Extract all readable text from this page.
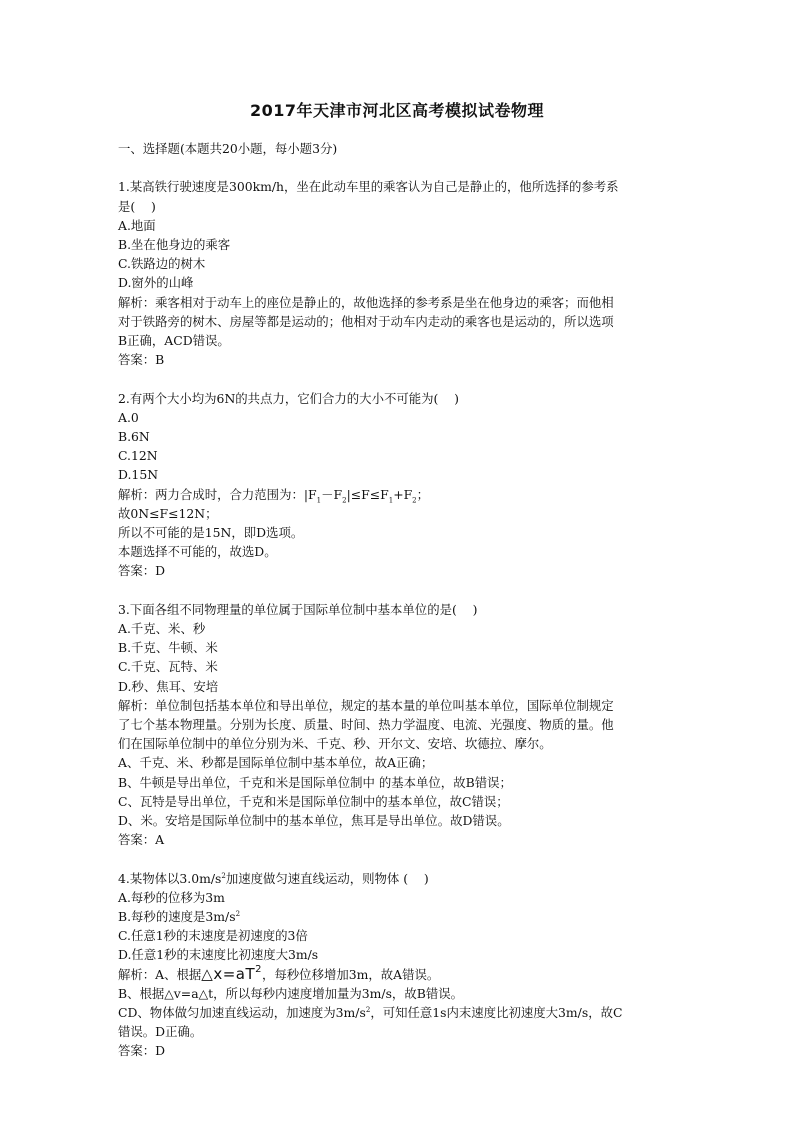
2017年天津市河北区高考模拟试卷物理

一、选择题(本题共20小题，每小题3分)

1.某高铁行驶速度是300km/h，坐在此动车里的乘客认为自己是静止的，他所选择的参考系

是(    )

A.地面

B.坐在他身边的乘客

C.铁路边的树木

D.窗外的山峰

解析：乘客相对于动车上的座位是静止的，故他选择的参考系是坐在他身边的乘客；而他相

对于铁路旁的树木、房屋等都是运动的；他相对于动车内走动的乘客也是运动的，所以选项

B正确，ACD错误。

答案：B

2.有两个大小均为6N的共点力，它们合力的大小不可能为(    )

A.0

B.6N

C.12N

D.15N

解析：两力合成时，合力范围为：$|F_1-F_2|\le F\le F_1+F_2$；

故0N≤F≤12N；

所以不可能的是15N，即D选项。

本题选择不可能的，故选D。

答案：D

3.下面各组不同物理量的单位属于国际单位制中基本单位的是(    )

A.千克、米、秒

B.千克、牛顿、米

C.千克、瓦特、米

D.秒、焦耳、安培

解析：单位制包括基本单位和导出单位，规定的基本量的单位叫基本单位，国际单位制规定

了七个基本物理量。分别为长度、质量、时间、热力学温度、电流、光强度、物质的量。他

们在国际单位制中的单位分别为米、千克、秒、开尔文、安培、坎德拉、摩尔。

A、千克、米、秒都是国际单位制中基本单位，故A正确；

B、牛顿是导出单位，千克和米是国际单位制中 的基本单位，故B错误；

C、瓦特是导出单位，千克和米是国际单位制中的基本单位，故C错误；

D、米。安培是国际单位制中的基本单位，焦耳是导出单位。故D错误。

答案：A

4.某物体以$3.0m/s^2$加速度做匀速直线运动，则物体 (    )

A.每秒的位移为3m

B.每秒的速度是$3m/s^2$

C.任意1秒的末速度是初速度的3倍

D.任意1秒的末速度比初速度大3m/s

解析：A、根据$\triangle x=aT^2$，每秒位移增加3m，故A错误。

B、根据△v=a△t，所以每秒内速度增加量为3m/s，故B错误。

CD、物体做匀加速直线运动，加速度为$3m/s^2$，可知任意1s内末速度比初速度大3m/s，故C

错误。D正确。

答案：D
